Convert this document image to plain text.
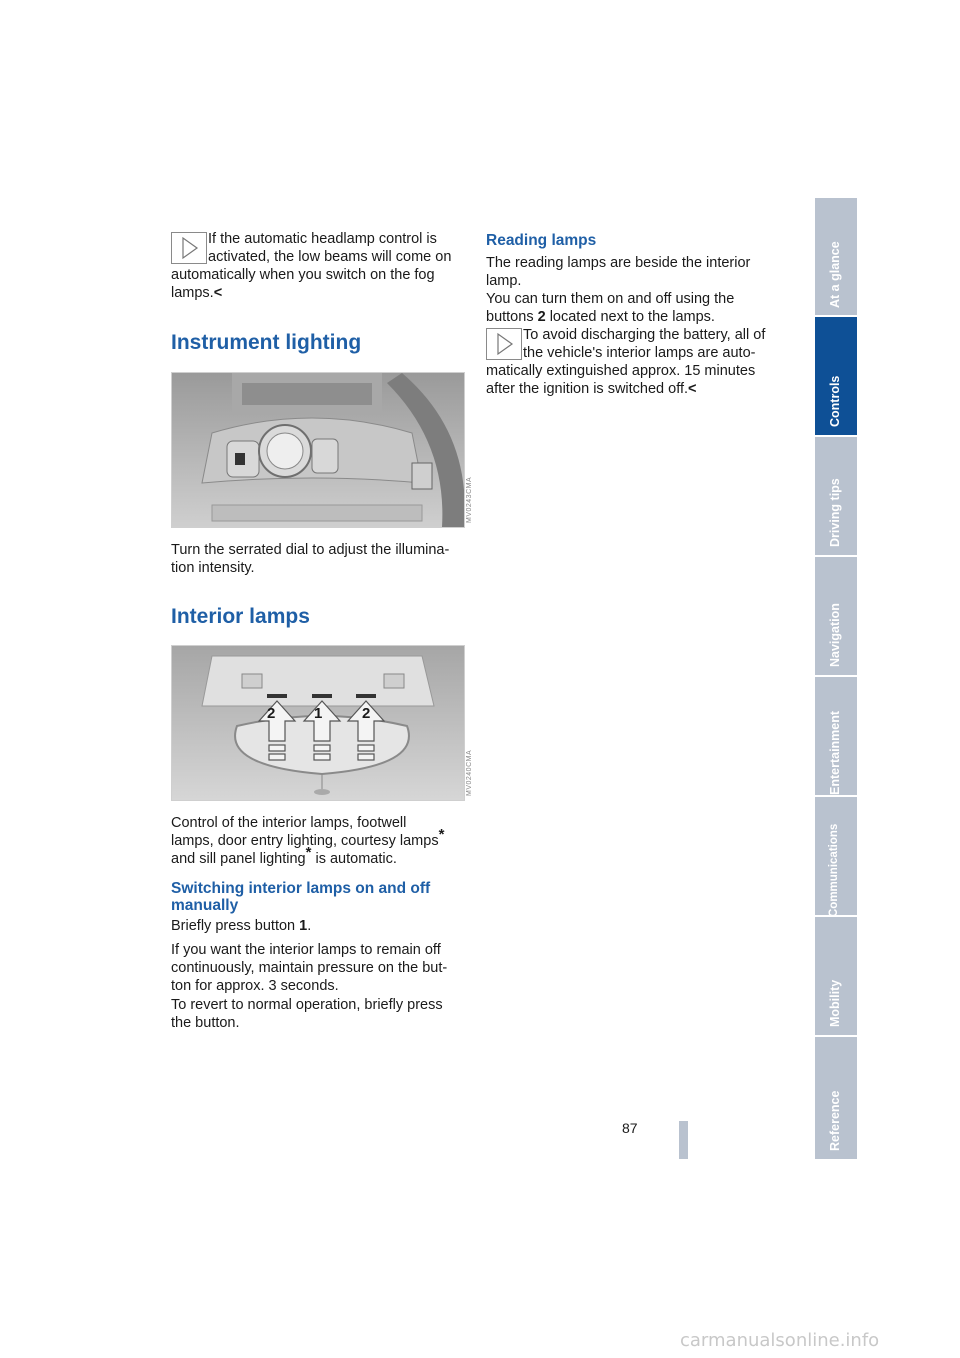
If the automatic headlamp control is

activated, the low beams will come on

automatically when you switch on the fog

lamps.<

Instrument lighting
MV0243CMA

Turn the serrated dial to adjust the illumina-

tion intensity.

Interior lamps
2	1	2
MV0240CMA

Control of the interior lamps, footwell

lamps, door entry lighting, courtesy lamps*

and sill panel lighting* is automatic.

Switching interior lamps on and off

manually

Briefly press button 1.

If you want the interior lamps to remain off

continuously, maintain pressure on the but-

ton for approx. 3 seconds.

To revert to normal operation, briefly press

the button.

Reading lamps

The reading lamps are beside the interior

lamp.

You can turn them on and off using the

buttons 2 located next to the lamps.

To avoid discharging the battery, all of

the vehicle's interior lamps are auto-

matically extinguished approx. 15 minutes

after the ignition is switched off.<

At a glance
Controls
Driving tips
Navigation
Entertainment
Communications
Mobility
Reference
87
carmanualsonline.info
